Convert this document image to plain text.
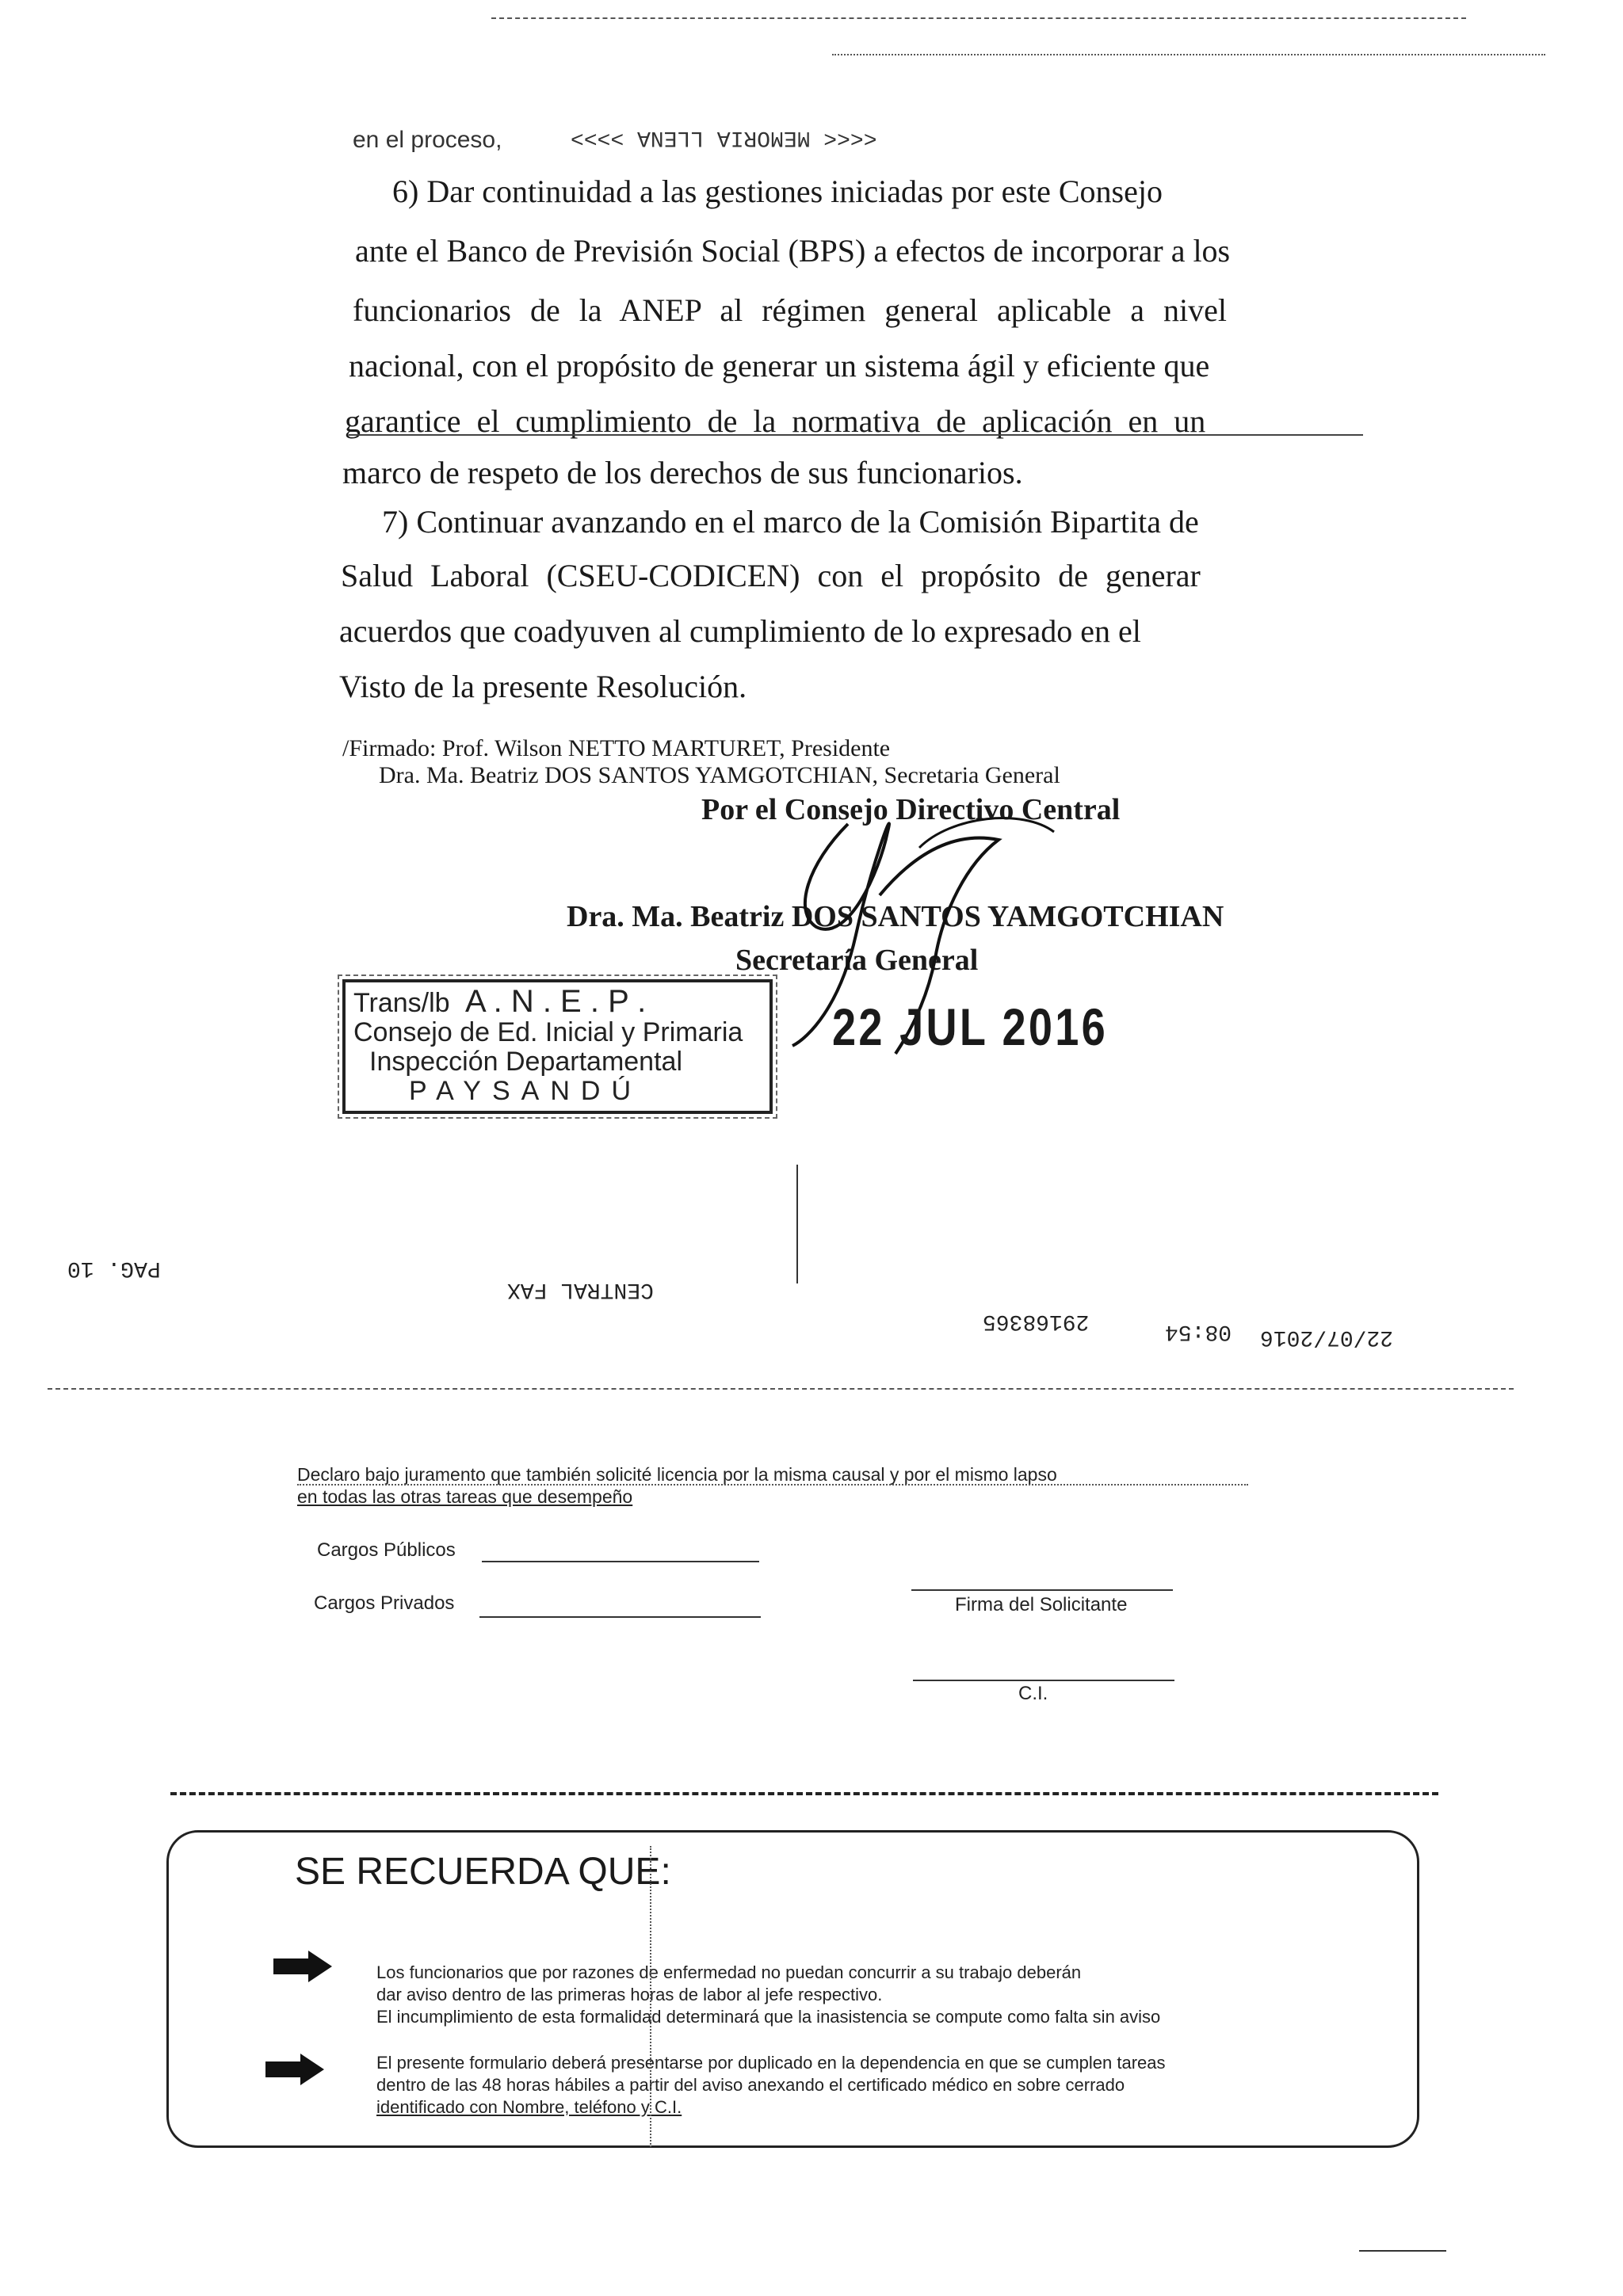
en el proceso,	<<<< MEMORIA LLENA >>>>
6) Dar continuidad a las gestiones iniciadas por este Consejo
ante el Banco de Previsión Social (BPS) a efectos de incorporar a los
funcionarios de la ANEP al régimen general aplicable a nivel
nacional, con el propósito de generar un sistema ágil y eficiente que
garantice el cumplimiento de la normativa de aplicación en un
marco de respeto de los derechos de sus funcionarios.
7) Continuar avanzando en el marco de la Comisión Bipartita de
Salud Laboral (CSEU-CODICEN) con el propósito de generar
acuerdos que coadyuven al cumplimiento de lo expresado en el
Visto de la presente Resolución.
/Firmado: Prof. Wilson NETTO MARTURET, Presidente
Dra. Ma. Beatriz DOS SANTOS YAMGOTCHIAN, Secretaria General
Por el Consejo Directivo Central
Dra. Ma. Beatriz DOS SANTOS YAMGOTCHIAN
Secretaría General
Trans/lb A . N . E . P .
Consejo de Ed. Inicial y Primaria
Inspección Departamental
PAYSANDÚ
22 JUL 2016
PAG. 10
CENTRAL FAX
29168365	08:54 22/07/2016
Declaro bajo juramento que también solicité licencia por la misma causal y por el mismo lapso
en todas las otras tareas que desempeño
Cargos Públicos
Cargos Privados	Firma del Solicitante
C.I.
SE RECUERDA QUE:
Los funcionarios que por razones de enfermedad no puedan concurrir a su trabajo deberán
dar aviso dentro de las primeras horas de labor al jefe respectivo.
El incumplimiento de esta formalidad determinará que la inasistencia se compute como falta sin aviso
El presente formulario deberá presentarse por duplicado en la dependencia en que se cumplen tareas
dentro de las 48 horas hábiles a partir del aviso anexando el certificado médico en sobre cerrado
identificado con Nombre, teléfono y C.I.
